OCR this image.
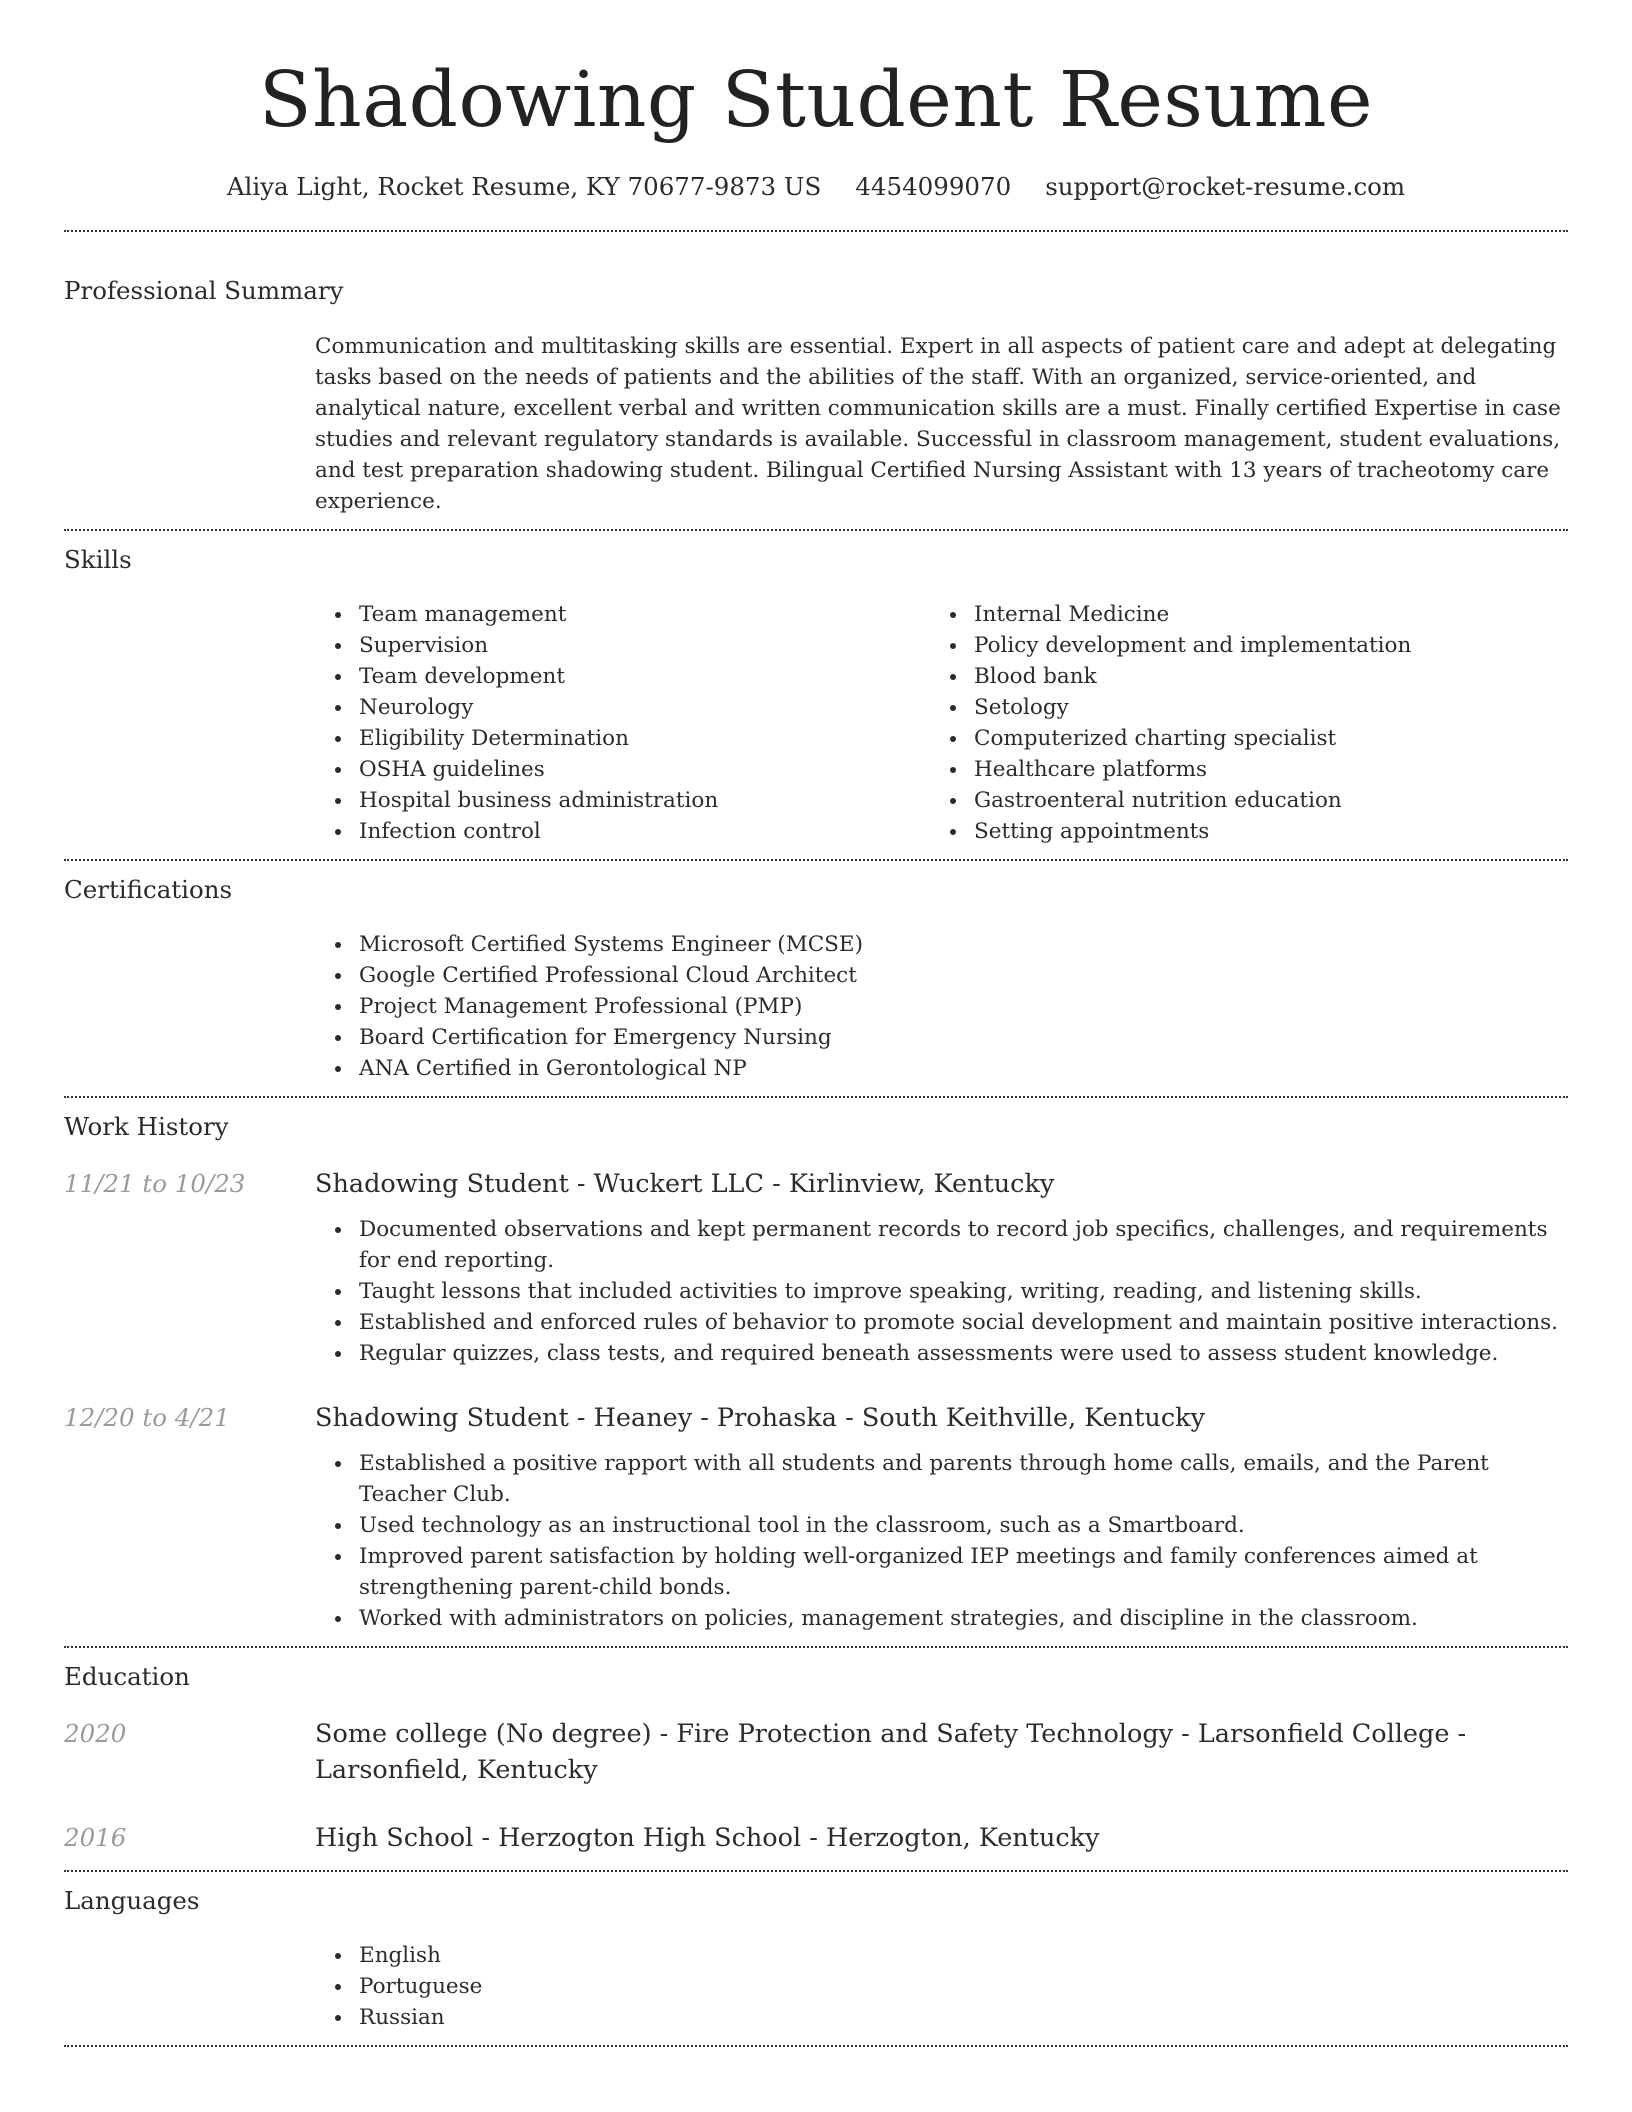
Shadowing Student Resume
Aliya Light, Rocket Resume, KY 70677-9873 US 4454099070 support@rocket-resume.com
Professional Summary

Communication and multitasking skills are essential. Expert in all aspects of patient care and adept at delegating tasks based on the needs of patients and the abilities of the staff. With an organized, service-oriented, and analytical nature, excellent verbal and written communication skills are a must. Finally certified Expertise in case studies and relevant regulatory standards is available. Successful in classroom management, student evaluations, and test preparation shadowing student. Bilingual Certified Nursing Assistant with 13 years of tracheotomy care experience.

Skills
Team management
Supervision
Team development
Neurology
Eligibility Determination
OSHA guidelines
Hospital business administration
Infection control
Internal Medicine
Policy development and implementation
Blood bank
Setology
Computerized charting specialist
Healthcare platforms
Gastroenteral nutrition education
Setting appointments
Certifications
Microsoft Certified Systems Engineer (MCSE)
Google Certified Professional Cloud Architect
Project Management Professional (PMP)
Board Certification for Emergency Nursing
ANA Certified in Gerontological NP
Work History
11/21 to 10/23	Shadowing Student - Wuckert LLC - Kirlinview, Kentucky
Documented observations and kept permanent records to record job specifics, challenges, and requirements for end reporting.
Taught lessons that included activities to improve speaking, writing, reading, and listening skills.
Established and enforced rules of behavior to promote social development and maintain positive interactions.
Regular quizzes, class tests, and required beneath assessments were used to assess student knowledge.
12/20 to 4/21	Shadowing Student - Heaney - Prohaska - South Keithville, Kentucky
Established a positive rapport with all students and parents through home calls, emails, and the Parent Teacher Club.
Used technology as an instructional tool in the classroom, such as a Smartboard.
Improved parent satisfaction by holding well-organized IEP meetings and family conferences aimed at strengthening parent-child bonds.
Worked with administrators on policies, management strategies, and discipline in the classroom.
Education
2020	Some college (No degree) - Fire Protection and Safety Technology - Larsonfield College - Larsonfield, Kentucky
2016	High School - Herzogton High School - Herzogton, Kentucky
Languages
English
Portuguese
Russian
